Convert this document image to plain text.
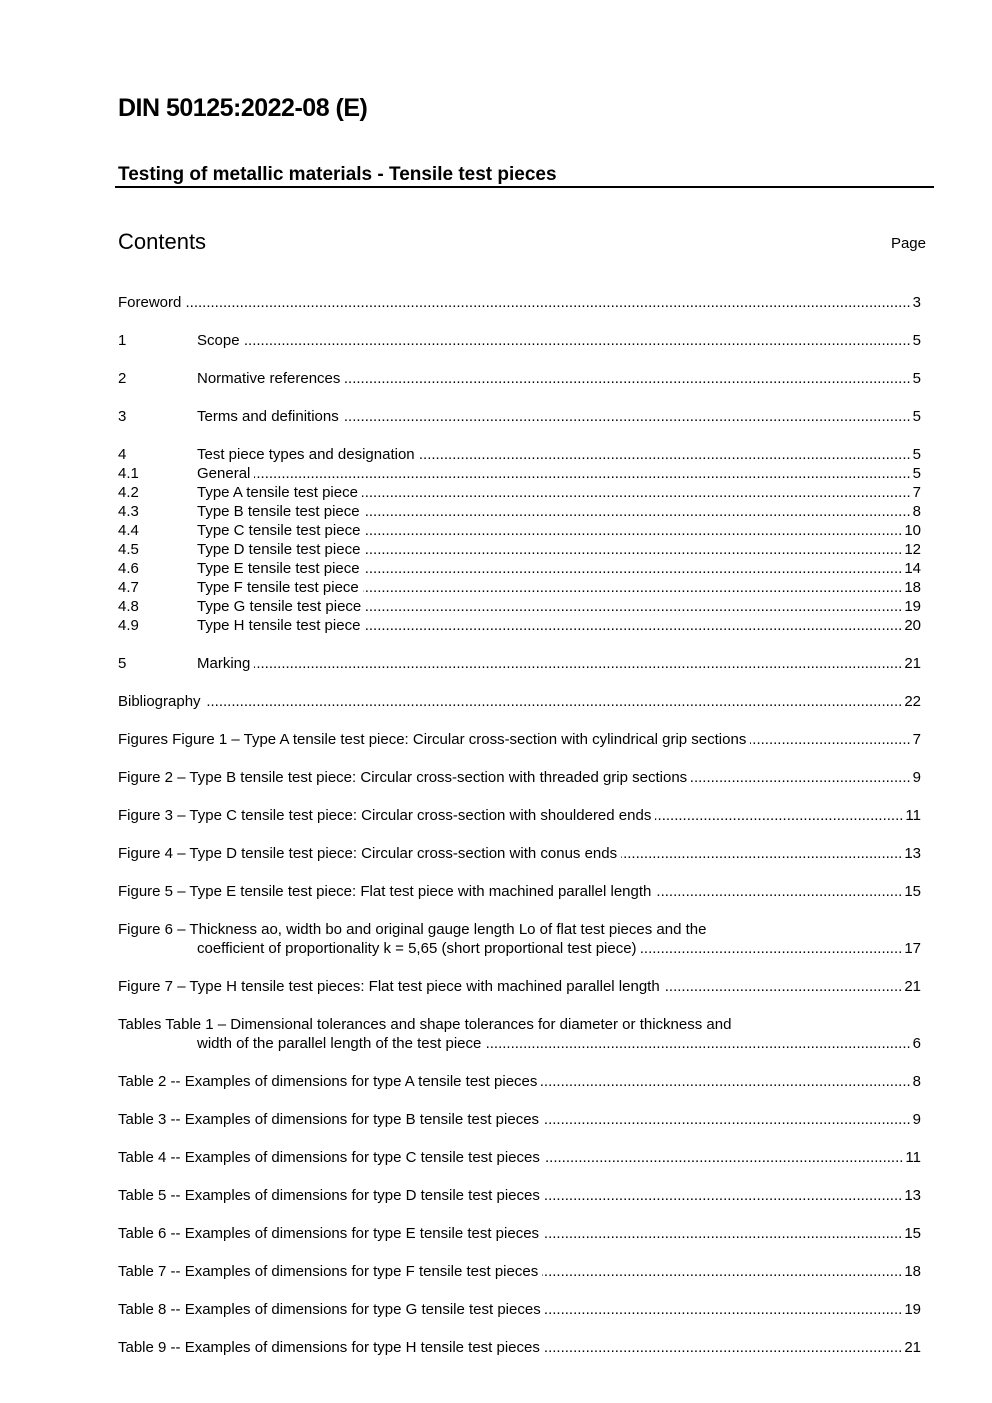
DIN 50125:2022-08 (E)
Testing of metallic materials - Tensile test pieces
Contents	Page
Foreword .....	3
1	Scope .....	5
2	Normative references .....	5
3	Terms and definitions .....	5
4	Test piece types and designation .....	5
4.1	General .....	5
4.2	Type A tensile test piece .....	7
4.3	Type B tensile test piece .....	8
4.4	Type C tensile test piece .....	10
4.5	Type D tensile test piece .....	12
4.6	Type E tensile test piece .....	14
4.7	Type F tensile test piece .....	18
4.8	Type G tensile test piece .....	19
4.9	Type H tensile test piece .....	20
5	Marking .....	21
Bibliography .....	22
Figures Figure 1 – Type A tensile test piece: Circular cross-section with cylindrical grip sections .....	7
Figure 2 – Type B tensile test piece: Circular cross-section with threaded grip sections .....	9
Figure 3 – Type C tensile test piece: Circular cross-section with shouldered ends .....	11
Figure 4 – Type D tensile test piece: Circular cross-section with conus ends .....	13
Figure 5 – Type E tensile test piece: Flat test piece with machined parallel length .....	15
Figure 6 – Thickness ao, width bo and original gauge length Lo of flat test pieces and the
coefficient of proportionality k = 5,65 (short proportional test piece) .....	17
Figure 7 – Type H tensile test pieces: Flat test piece with machined parallel length .....	21
Tables Table 1 – Dimensional tolerances and shape tolerances for diameter or thickness and
width of the parallel length of the test piece .....	6
Table 2 -- Examples of dimensions for type A tensile test pieces .....	8
Table 3 -- Examples of dimensions for type B tensile test pieces .....	9
Table 4 -- Examples of dimensions for type C tensile test pieces .....	11
Table 5 -- Examples of dimensions for type D tensile test pieces .....	13
Table 6 -- Examples of dimensions for type E tensile test pieces .....	15
Table 7 -- Examples of dimensions for type F tensile test pieces .....	18
Table 8 -- Examples of dimensions for type G tensile test pieces .....	19
Table 9 -- Examples of dimensions for type H tensile test pieces .....	21
